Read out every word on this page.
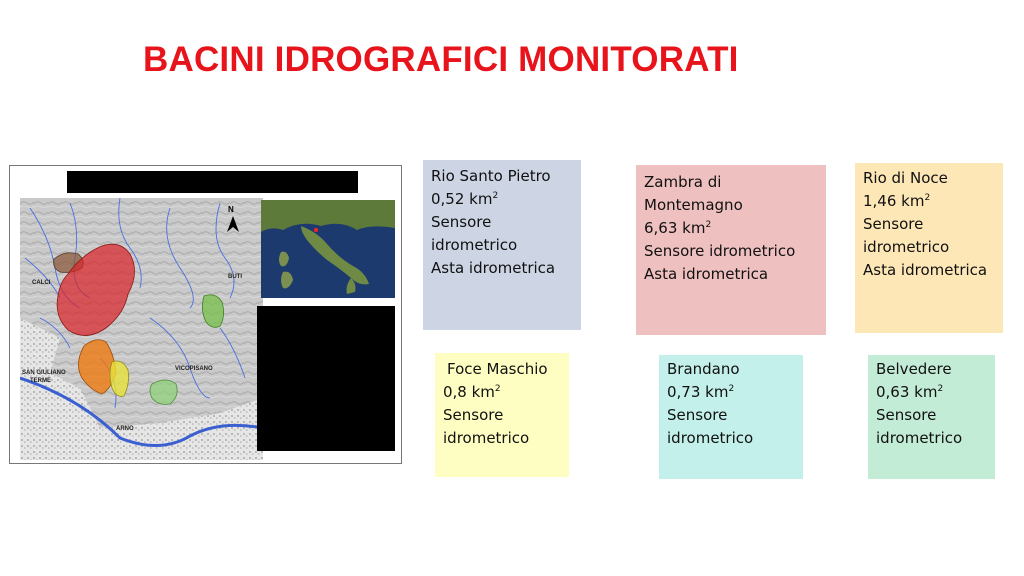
BACINI IDROGRAFICI MONITORATI
N
CALCI
BUTI
SAN GIULIANO
TERME
VICOPISANO
ARNO
Rio Santo Pietro
0,52 $km^2$
Sensore
idrometrico
Asta idrometrica
Zambra di
Montemagno
6,63 $km^2$
Sensore idrometrico
Asta idrometrica
Rio di Noce
1,46 $km^2$
Sensore
idrometrico
Asta idrometrica
Foce Maschio
0,8 $km^2$
Sensore
idrometrico
Brandano
0,73 $km^2$
Sensore
idrometrico
Belvedere
0,63 $km^2$
Sensore
idrometrico
